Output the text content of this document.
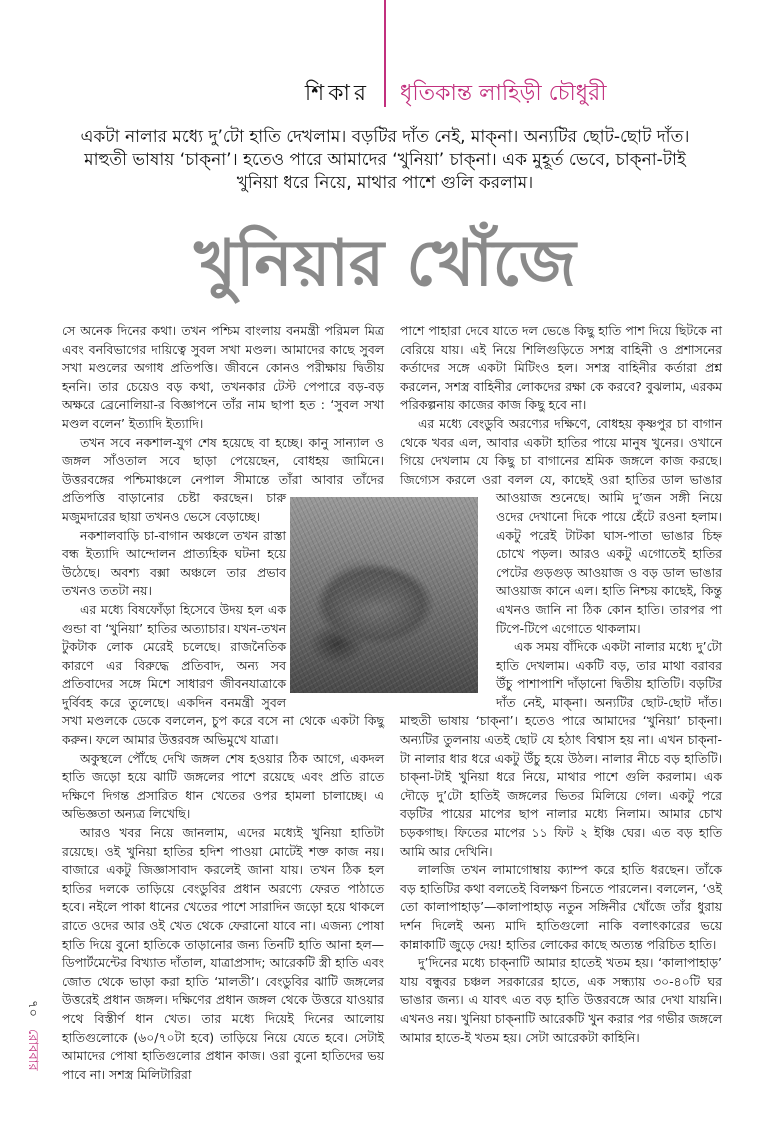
শিকার ধৃতিকান্ত লাহিড়ী চৌধুরী
একটা নালার মধ্যে দু’টো হাতি দেখলাম। বড়টির দাঁত নেই, মাক্‌না। অন্যটির ছোট-ছোট দাঁত। মাহুতী ভাষায় ‘চাক্‌না’। হতেও পারে আমাদের ‘খুনিয়া’ চাক্‌না। এক মুহূর্ত ভেবে, চাক্‌না-টাই খুনিয়া ধরে নিয়ে, মাথার পাশে গুলি করলাম।
খুনিয়ার খোঁজে

সে অনেক দিনের কথা। তখন পশ্চিম বাংলায় বনমন্ত্রী পরিমল মিত্র এবং বনবিভাগের দায়িত্বে সুবল সখা মণ্ডল। আমাদের কাছে সুবল সখা মণ্ডলের অগাধ প্রতিপত্তি। জীবনে কোনও পরীক্ষায় দ্বিতীয় হননি। তার চেয়েও বড় কথা, তখনকার টেস্ট পেপারে বড়-বড় অক্ষরে ব্রেনোলিয়া-র বিজ্ঞাপনে তাঁর নাম ছাপা হত : ‘সুবল সখা মণ্ডল বলেন’ ইত্যাদি ইত্যাদি।

তখন সবে নকশাল-যুগ শেষ হয়েছে বা হচ্ছে। কানু সান্যাল ও জঙ্গল সাঁওতাল সবে ছাড়া পেয়েছেন, বোধহয় জামিনে। উত্তরবঙ্গের পশ্চিমাঞ্চলে নেপাল সীমান্তে তাঁরা আবার তাঁদের প্রতিপত্তি বাড়ানোর চেষ্টা করছেন। চারু মজুমদারের ছায়া তখনও ভেসে বেড়াচ্ছে।

নকশালবাড়ি চা-বাগান অঞ্চলে তখন রাস্তা বন্ধ ইত্যাদি আন্দোলন প্রাত্যহিক ঘটনা হয়ে উঠেছে। অবশ্য বক্সা অঞ্চলে তার প্রভাব তখনও ততটা নয়।

এর মধ্যে বিষফোঁড়া হিসেবে উদয় হল এক গুন্ডা বা ‘খুনিয়া’ হাতির অত্যাচার। যখন-তখন টুকটাক লোক মেরেই চলেছে। রাজনৈতিক কারণে এর বিরুদ্ধে প্রতিবাদ, অন্য সব প্রতিবাদের সঙ্গে মিশে সাধারণ জীবনযাত্রাকে দুর্বিবহ করে তুলেছে। একদিন বনমন্ত্রী সুবল সখা মণ্ডলকে ডেকে বললেন, চুপ করে বসে না থেকে একটা কিছু করুন। ফলে আমার উত্তরবঙ্গ অভিমুখে যাত্রা।

অকুস্থলে পৌঁছে দেখি জঙ্গল শেষ হওয়ার ঠিক আগে, একদল হাতি জড়ো হয়ে ঝাটি জঙ্গলের পাশে রয়েছে এবং প্রতি রাতে দক্ষিণে দিগন্ত প্রসারিত ধান খেতের ওপর হামলা চালাচ্ছে। এ অভিজ্ঞতা অন্যত্র লিখেছি।

আরও খবর নিয়ে জানলাম, এদের মধ্যেই খুনিয়া হাতিটা রয়েছে। ওই খুনিয়া হাতির হদিশ পাওয়া মোটেই শক্ত কাজ নয়। বাজারে একটু জিজ্ঞাসাবাদ করলেই জানা যায়। তখন ঠিক হল হাতির দলকে তাড়িয়ে বেংডুবির প্রধান অরণ্যে ফেরত পাঠাতে হবে। নইলে পাকা ধানের খেতের পাশে সারাদিন জড়ো হয়ে থাকলে রাতে ওদের আর ওই খেত থেকে ফেরানো যাবে না। এজন্য পোষা হাতি দিয়ে বুনো হাতিকে তাড়ানোর জন্য তিনটি হাতি আনা হল—ডিপার্টমেন্টের বিখ্যাত দাঁতাল, যাত্রাপ্রসাদ; আরেকটি স্ত্রী হাতি এবং জোত থেকে ভাড়া করা হাতি ‘মালতী’। বেংডুবির ঝাটি জঙ্গলের উত্তরেই প্রধান জঙ্গল। দক্ষিণের প্রধান জঙ্গল থেকে উত্তরে যাওয়ার পথে বিস্তীর্ণ ধান খেত। তার মধ্যে দিয়েই দিনের আলোয় হাতিগুলোকে (৬০/৭০টা হবে) তাড়িয়ে নিয়ে যেতে হবে। সেটাই আমাদের পোষা হাতিগুলোর প্রধান কাজ। ওরা বুনো হাতিদের ভয় পাবে না। সশস্ত্র মিলিটারিরা

পাশে পাহারা দেবে যাতে দল ভেঙে কিছু হাতি পাশ দিয়ে ছিটকে না বেরিয়ে যায়। এই নিয়ে শিলিগুড়িতে সশস্ত্র বাহিনী ও প্রশাসনের কর্তাদের সঙ্গে একটা মিটিংও হল। সশস্ত্র বাহিনীর কর্তারা প্রশ্ন করলেন, সশস্ত্র বাহিনীর লোকদের রক্ষা কে করবে? বুঝলাম, এরকম পরিকল্পনায় কাজের কাজ কিছু হবে না।

এর মধ্যে বেংডুবি অরণ্যের দক্ষিণে, বোধহয় কৃষ্ণপুর চা বাগান থেকে খবর এল, আবার একটা হাতির পায়ে মানুষ খুনের। ওখানে গিয়ে দেখলাম যে কিছু চা বাগানের শ্রমিক জঙ্গলে কাজ করছে। জিগ্যেস করলে ওরা বলল যে, কাছেই ওরা হাতির ডাল ভাঙার আওয়াজ শুনেছে। আমি দু’জন সঙ্গী নিয়ে ওদের দেখানো দিকে পায়ে হেঁটে রওনা হলাম। একটু পরেই টাটকা ঘাস-পাতা ভাঙার চিহ্ন চোখে পড়ল। আরও একটু এগোতেই হাতির পেটের গুড়গুড় আওয়াজ ও বড় ডাল ভাঙার আওয়াজ কানে এল। হাতি নিশ্চয় কাছেই, কিন্তু এখনও জানি না ঠিক কোন হাতি। তারপর পা টিপে-টিপে এগোতে থাকলাম।

এক সময় বাঁদিকে একটা নালার মধ্যে দু’টো হাতি দেখলাম। একটি বড়, তার মাথা বরাবর উঁচু পাশাপাশি দাঁড়ানো দ্বিতীয় হাতিটি। বড়টির দাঁত নেই, মাক্‌না। অন্যটির ছোট-ছোট দাঁত। মাহুতী ভাষায় ‘চাক্‌না’। হতেও পারে আমাদের ‘খুনিয়া’ চাক্‌না। অন্যটির তুলনায় এতই ছোট যে হঠাৎ বিশ্বাস হয় না। এখন চাক্‌না-টা নালার ধার ধরে একটু উঁচু হয়ে উঠল। নালার নীচে বড় হাতিটি। চাক্‌না-টাই খুনিয়া ধরে নিয়ে, মাথার পাশে গুলি করলাম। এক দৌড়ে দু’টো হাতিই জঙ্গলের ভিতর মিলিয়ে গেল। একটু পরে বড়টির পায়ের মাপের ছাপ নালার মধ্যে নিলাম। আমার চোখ চড়কগাছ। ফিতের মাপের ১১ ফিট ২ ইঞ্চি ঘের। এত বড় হাতি আমি আর দেখিনি।

লালজি তখন লামাগোম্বায় ক্যাম্প করে হাতি ধরছেন। তাঁকে বড় হাতিটির কথা বলতেই বিলক্ষণ চিনতে পারলেন। বললেন, ‘ওই তো কালাপাহাড়’—কালাপাহাড় নতুন সঙ্গিনীর খোঁজে তাঁর ধুরায় দর্শন দিলেই অন্য মাদি হাতিগুলো নাকি বলাৎকারের ভয়ে কান্নাকাটি জুড়ে দেয়! হাতির লোকের কাছে অত্যন্ত পরিচিত হাতি।

দু’দিনের মধ্যে চাক্‌নাটি আমার হাতেই খতম হয়। ‘কালাপাহাড়’ যায় বন্ধুবর চঞ্চল সরকারের হাতে, এক সন্ধ্যায় ৩০-৪০টি ঘর ভাঙার জন্য। এ যাবৎ এত বড় হাতি উত্তরবঙ্গে আর দেখা যায়নি। এখনও নয়। খুনিয়া চাক্‌নাটি আরেকটি খুন করার পর গভীর জঙ্গলে আমার হাতে-ই খতম হয়। সেটা আরেকটা কাহিনি।

৭০ রোববার
